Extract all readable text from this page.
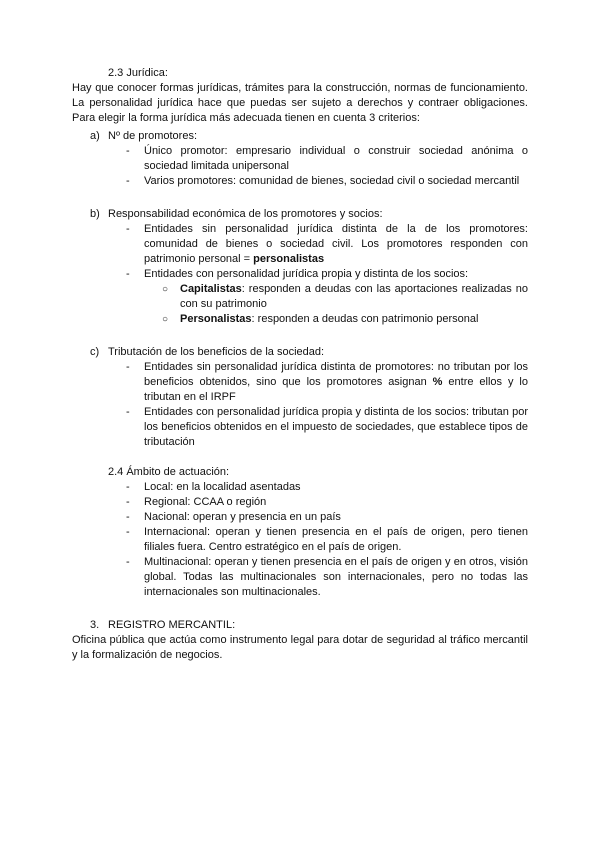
2.3 Jurídica:

Hay que conocer formas jurídicas, trámites para la construcción, normas de funcionamiento. La personalidad jurídica hace que puedas ser sujeto a derechos y contraer obligaciones. Para elegir la forma jurídica más adecuada tienen en cuenta 3 criterios:

a) Nº de promotores:
- Único promotor: empresario individual o construir sociedad anónima o sociedad limitada unipersonal
- Varios promotores: comunidad de bienes, sociedad civil o sociedad mercantil
b) Responsabilidad económica de los promotores y socios:
- Entidades sin personalidad jurídica distinta de la de los promotores: comunidad de bienes o sociedad civil. Los promotores responden con patrimonio personal = personalistas
- Entidades con personalidad jurídica propia y distinta de los socios:
○ Capitalistas: responden a deudas con las aportaciones realizadas no con su patrimonio
○ Personalistas: responden a deudas con patrimonio personal
c) Tributación de los beneficios de la sociedad:
- Entidades sin personalidad jurídica distinta de promotores: no tributan por los beneficios obtenidos, sino que los promotores asignan % entre ellos y lo tributan en el IRPF
- Entidades con personalidad jurídica propia y distinta de los socios: tributan por los beneficios obtenidos en el impuesto de sociedades, que establece tipos de tributación

2.4 Ámbito de actuación:

- Local: en la localidad asentadas
- Regional: CCAA o región
- Nacional: operan y presencia en un país
- Internacional: operan y tienen presencia en el país de origen, pero tienen filiales fuera. Centro estratégico en el país de origen.
- Multinacional: operan y tienen presencia en el país de origen y en otros, visión global. Todas las multinacionales son internacionales, pero no todas las internacionales son multinacionales.
3. REGISTRO MERCANTIL:

Oficina pública que actúa como instrumento legal para dotar de seguridad al tráfico mercantil y la formalización de negocios.
